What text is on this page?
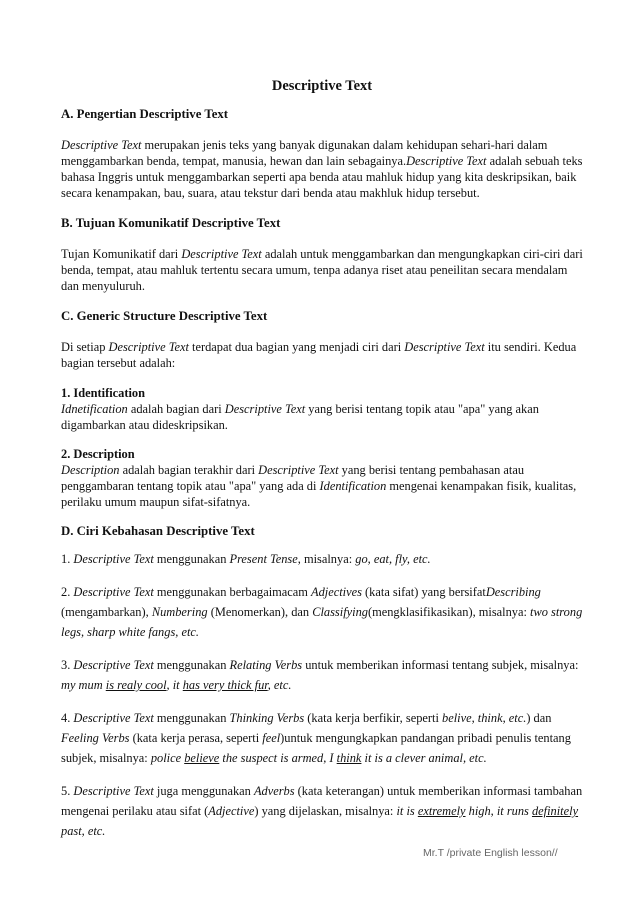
Descriptive Text
A. Pengertian Descriptive Text

Descriptive Text merupakan jenis teks yang banyak digunakan dalam kehidupan sehari-hari dalam menggambarkan benda, tempat, manusia, hewan dan lain sebagainya.Descriptive Text adalah sebuah teks bahasa Inggris untuk menggambarkan seperti apa benda atau mahluk hidup yang kita deskripsikan, baik secara kenampakan, bau, suara, atau tekstur dari benda atau makhluk hidup tersebut.

B. Tujuan Komunikatif Descriptive Text

Tujan Komunikatif dari Descriptive Text adalah untuk menggambarkan dan mengungkapkan ciri-ciri dari benda, tempat, atau mahluk tertentu secara umum, tenpa adanya riset atau peneilitan secara mendalam dan menyuluruh.

C. Generic Structure Descriptive Text

Di setiap Descriptive Text terdapat dua bagian yang menjadi ciri dari Descriptive Text itu sendiri. Kedua bagian tersebut adalah:

1. Identification
Idnetification adalah bagian dari Descriptive Text yang berisi tentang topik atau "apa" yang akan digambarkan atau dideskripsikan.

2. Description
Description adalah bagian terakhir dari Descriptive Text yang berisi tentang pembahasan atau penggambaran tentang topik atau "apa" yang ada di Identification mengenai kenampakan fisik, kualitas, perilaku umum maupun sifat-sifatnya.

D. Ciri Kebahasan Descriptive Text
1. Descriptive Text menggunakan Present Tense, misalnya: go, eat, fly, etc.
2. Descriptive Text menggunakan berbagaimacam Adjectives (kata sifat) yang bersifatDescribing (mengambarkan), Numbering (Menomerkan), dan Classifying(mengklasifikasikan), misalnya: two strong legs, sharp white fangs, etc.
3. Descriptive Text menggunakan Relating Verbs untuk memberikan informasi tentang subjek, misalnya: my mum is realy cool, it has very thick fur, etc.
4. Descriptive Text menggunakan Thinking Verbs (kata kerja berfikir, seperti belive, think, etc.) dan Feeling Verbs (kata kerja perasa, seperti feel)untuk mengungkapkan pandangan pribadi penulis tentang subjek, misalnya: police believe the suspect is armed, I think it is a clever animal, etc.
5. Descriptive Text juga menggunakan Adverbs (kata keterangan) untuk memberikan informasi tambahan mengenai perilaku atau sifat (Adjective) yang dijelaskan, misalnya: it is extremely high, it runs definitely past, etc.
Mr.T /private English lesson//
